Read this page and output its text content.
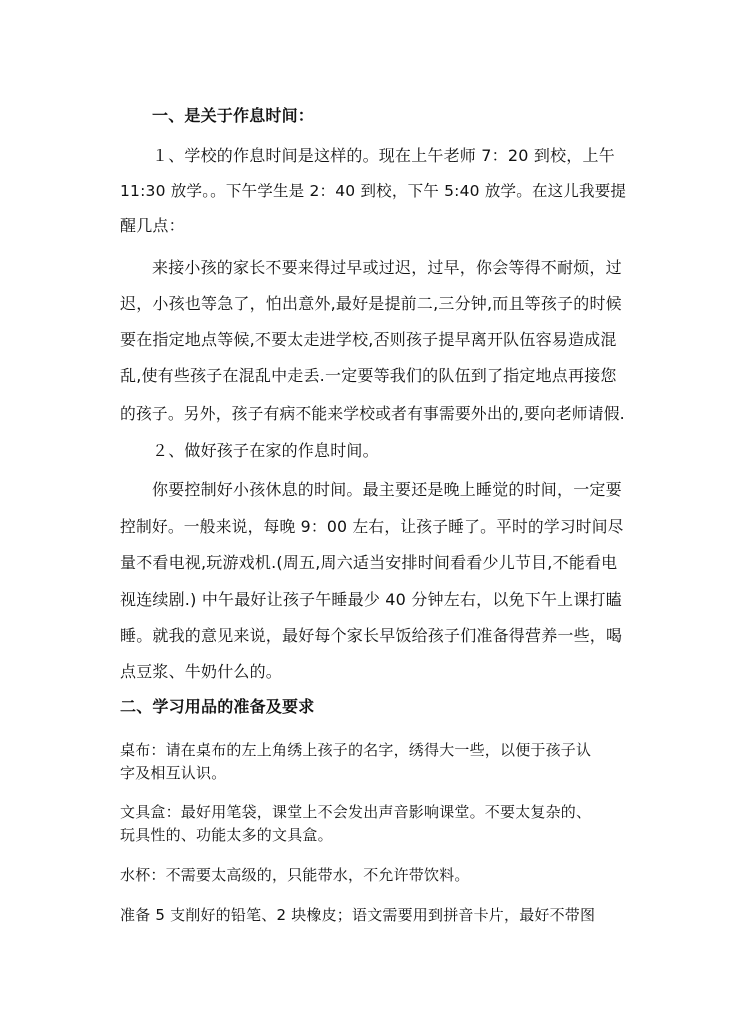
一、是关于作息时间：
１、学校的作息时间是这样的。现在上午老师 7：20 到校，上午
11:30 放学。。下午学生是 2：40 到校，下午 5:40 放学。在这儿我要提
醒几点：
来接小孩的家长不要来得过早或过迟，过早，你会等得不耐烦，过
迟，小孩也等急了，怕出意外,最好是提前二,三分钟,而且等孩子的时候
要在指定地点等候,不要太走进学校,否则孩子提早离开队伍容易造成混
乱,使有些孩子在混乱中走丢.一定要等我们的队伍到了指定地点再接您
的孩子。另外，孩子有病不能来学校或者有事需要外出的,要向老师请假.
２、做好孩子在家的作息时间。
你要控制好小孩休息的时间。最主要还是晚上睡觉的时间，一定要
控制好。一般来说，每晚 9：00 左右，让孩子睡了。平时的学习时间尽
量不看电视,玩游戏机.(周五,周六适当安排时间看看少儿节目,不能看电
视连续剧.) 中午最好让孩子午睡最少 40 分钟左右，以免下午上课打瞌
睡。就我的意见来说，最好每个家长早饭给孩子们准备得营养一些，喝
点豆浆、牛奶什么的。
二、学习用品的准备及要求
桌布：请在桌布的左上角绣上孩子的名字，绣得大一些，以便于孩子认
字及相互认识。
文具盒：最好用笔袋，课堂上不会发出声音影响课堂。不要太复杂的、
玩具性的、功能太多的文具盒。
水杯：不需要太高级的，只能带水，不允许带饮料。
准备 5 支削好的铅笔、2 块橡皮；语文需要用到拼音卡片，最好不带图
